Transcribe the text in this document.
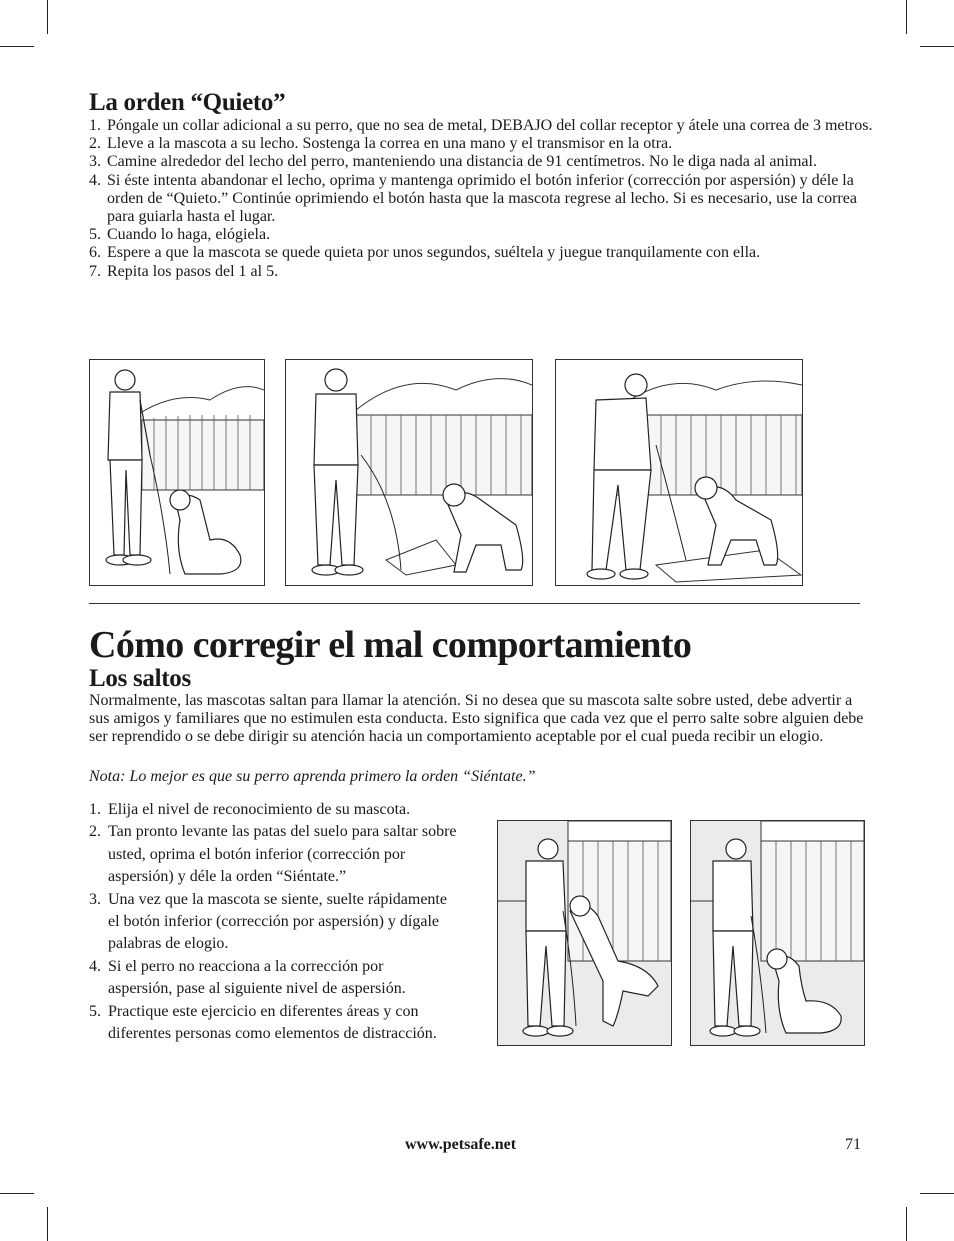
La orden “Quieto”
1. Póngale un collar adicional a su perro, que no sea de metal, DEBAJO del collar receptor y átele una correa de 3 metros.
2. Lleve a la mascota a su lecho. Sostenga la correa en una mano y el transmisor en la otra.
3. Camine alrededor del lecho del perro, manteniendo una distancia de 91 centímetros. No le diga nada al animal.
4. Si éste intenta abandonar el lecho, oprima y mantenga oprimido el botón inferior (corrección por aspersión) y déle la orden de “Quieto.” Continúe oprimiendo el botón hasta que la mascota regrese al lecho. Si es necesario, use la correa para guiarla hasta el lugar.
5. Cuando lo haga, elógiela.
6. Espere a que la mascota se quede quieta por unos segundos, suéltela y juegue tranquilamente con ella.
7. Repita los pasos del 1 al 5.
Cómo corregir el mal comportamiento
Los saltos
Normalmente, las mascotas saltan para llamar la atención. Si no desea que su mascota salte sobre usted, debe advertir a sus amigos y familiares que no estimulen esta conducta. Esto significa que cada vez que el perro salte sobre alguien debe ser reprendido o se debe dirigir su atención hacia un comportamiento aceptable por el cual pueda recibir un elogio.
Nota: Lo mejor es que su perro aprenda primero la orden “Siéntate.”
1. Elija el nivel de reconocimiento de su mascota.
2. Tan pronto levante las patas del suelo para saltar sobre usted, oprima el botón inferior (corrección por aspersión) y déle la orden “Siéntate.”
3. Una vez que la mascota se siente, suelte rápidamente el botón inferior (corrección por aspersión) y dígale palabras de elogio.
4. Si el perro no reacciona a la corrección por aspersión, pase al siguiente nivel de aspersión.
5. Practique este ejercicio en diferentes áreas y con diferentes personas como elementos de distracción.
www.petsafe.net	71
